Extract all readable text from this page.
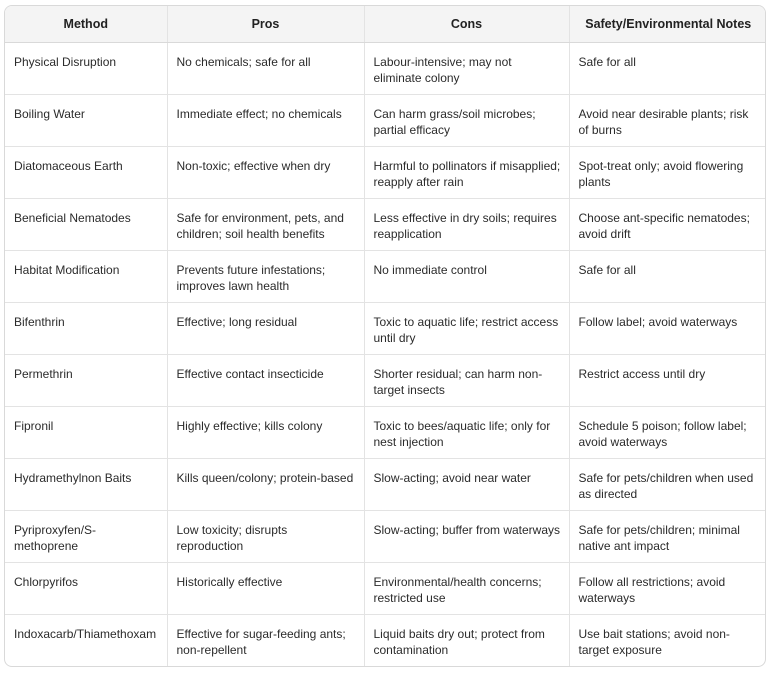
Method	Pros	Cons	Safety/Environmental Notes
Physical Disruption	No chemicals; safe for all	Labour-intensive; may not eliminate colony	Safe for all
Boiling Water	Immediate effect; no chemicals	Can harm grass/soil microbes; partial efficacy	Avoid near desirable plants; risk of burns
Diatomaceous Earth	Non-toxic; effective when dry	Harmful to pollinators if misapplied; reapply after rain	Spot-treat only; avoid flowering plants
Beneficial Nematodes	Safe for environment, pets, and children; soil health benefits	Less effective in dry soils; requires reapplication	Choose ant-specific nematodes; avoid drift
Habitat Modification	Prevents future infestations; improves lawn health	No immediate control	Safe for all
Bifenthrin	Effective; long residual	Toxic to aquatic life; restrict access until dry	Follow label; avoid waterways
Permethrin	Effective contact insecticide	Shorter residual; can harm non-target insects	Restrict access until dry
Fipronil	Highly effective; kills colony	Toxic to bees/aquatic life; only for nest injection	Schedule 5 poison; follow label; avoid waterways
Hydramethylnon Baits	Kills queen/colony; protein-based	Slow-acting; avoid near water	Safe for pets/children when used as directed
Pyriproxyfen/S-methoprene	Low toxicity; disrupts reproduction	Slow-acting; buffer from waterways	Safe for pets/children; minimal native ant impact
Chlorpyrifos	Historically effective	Environmental/health concerns; restricted use	Follow all restrictions; avoid waterways
Indoxacarb/Thiamethoxam	Effective for sugar-feeding ants; non-repellent	Liquid baits dry out; protect from contamination	Use bait stations; avoid non-target exposure
